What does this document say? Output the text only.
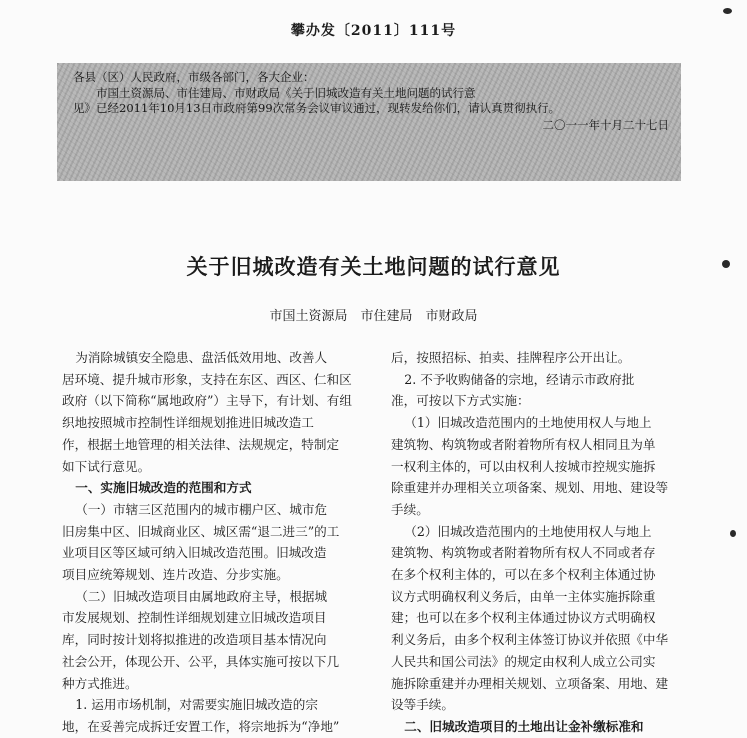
攀办发〔2011〕111号

各县（区）人民政府，市级各部门，各大企业：

　　市国土资源局、市住建局、市财政局《关于旧城改造有关土地问题的试行意

见》已经2011年10月13日市政府第99次常务会议审议通过，现转发给你们，请认真贯彻执行。

二〇一一年十月二十七日

关于旧城改造有关土地问题的试行意见
市国土资源局　市住建局　市财政局

为消除城镇安全隐患、盘活低效用地、改善人
居环境、提升城市形象，支持在东区、西区、仁和区
政府（以下简称“属地政府”）主导下，有计划、有组
织地按照城市控制性详细规划推进旧城改造工
作，根据土地管理的相关法律、法规规定，特制定
如下试行意见。

一、实施旧城改造的范围和方式

（一）市辖三区范围内的城市棚户区、城市危
旧房集中区、旧城商业区、城区需“退二进三”的工
业项目区等区域可纳入旧城改造范围。旧城改造
项目应统筹规划、连片改造、分步实施。

（二）旧城改造项目由属地政府主导，根据城
市发展规划、控制性详细规划建立旧城改造项目
库，同时按计划将拟推进的改造项目基本情况向
社会公开，体现公开、公平，具体实施可按以下几
种方式推进。

1. 运用市场机制，对需要实施旧城改造的宗
地，在妥善完成拆迁安置工作，将宗地拆为“净地”

后，按照招标、拍卖、挂牌程序公开出让。

2. 不予收购储备的宗地，经请示市政府批
准，可按以下方式实施：

（1）旧城改造范围内的土地使用权人与地上
建筑物、构筑物或者附着物所有权人相同且为单
一权利主体的，可以由权利人按城市控规实施拆
除重建并办理相关立项备案、规划、用地、建设等
手续。

（2）旧城改造范围内的土地使用权人与地上
建筑物、构筑物或者附着物所有权人不同或者存
在多个权利主体的，可以在多个权利主体通过协
议方式明确权利义务后，由单一主体实施拆除重
建；也可以在多个权利主体通过协议方式明确权
利义务后，由多个权利主体签订协议并依照《中华
人民共和国公司法》的规定由权利人成立公司实
施拆除重建并办理相关规划、立项备案、用地、建
设等手续。

二、旧城改造项目的土地出让金补缴标准和
